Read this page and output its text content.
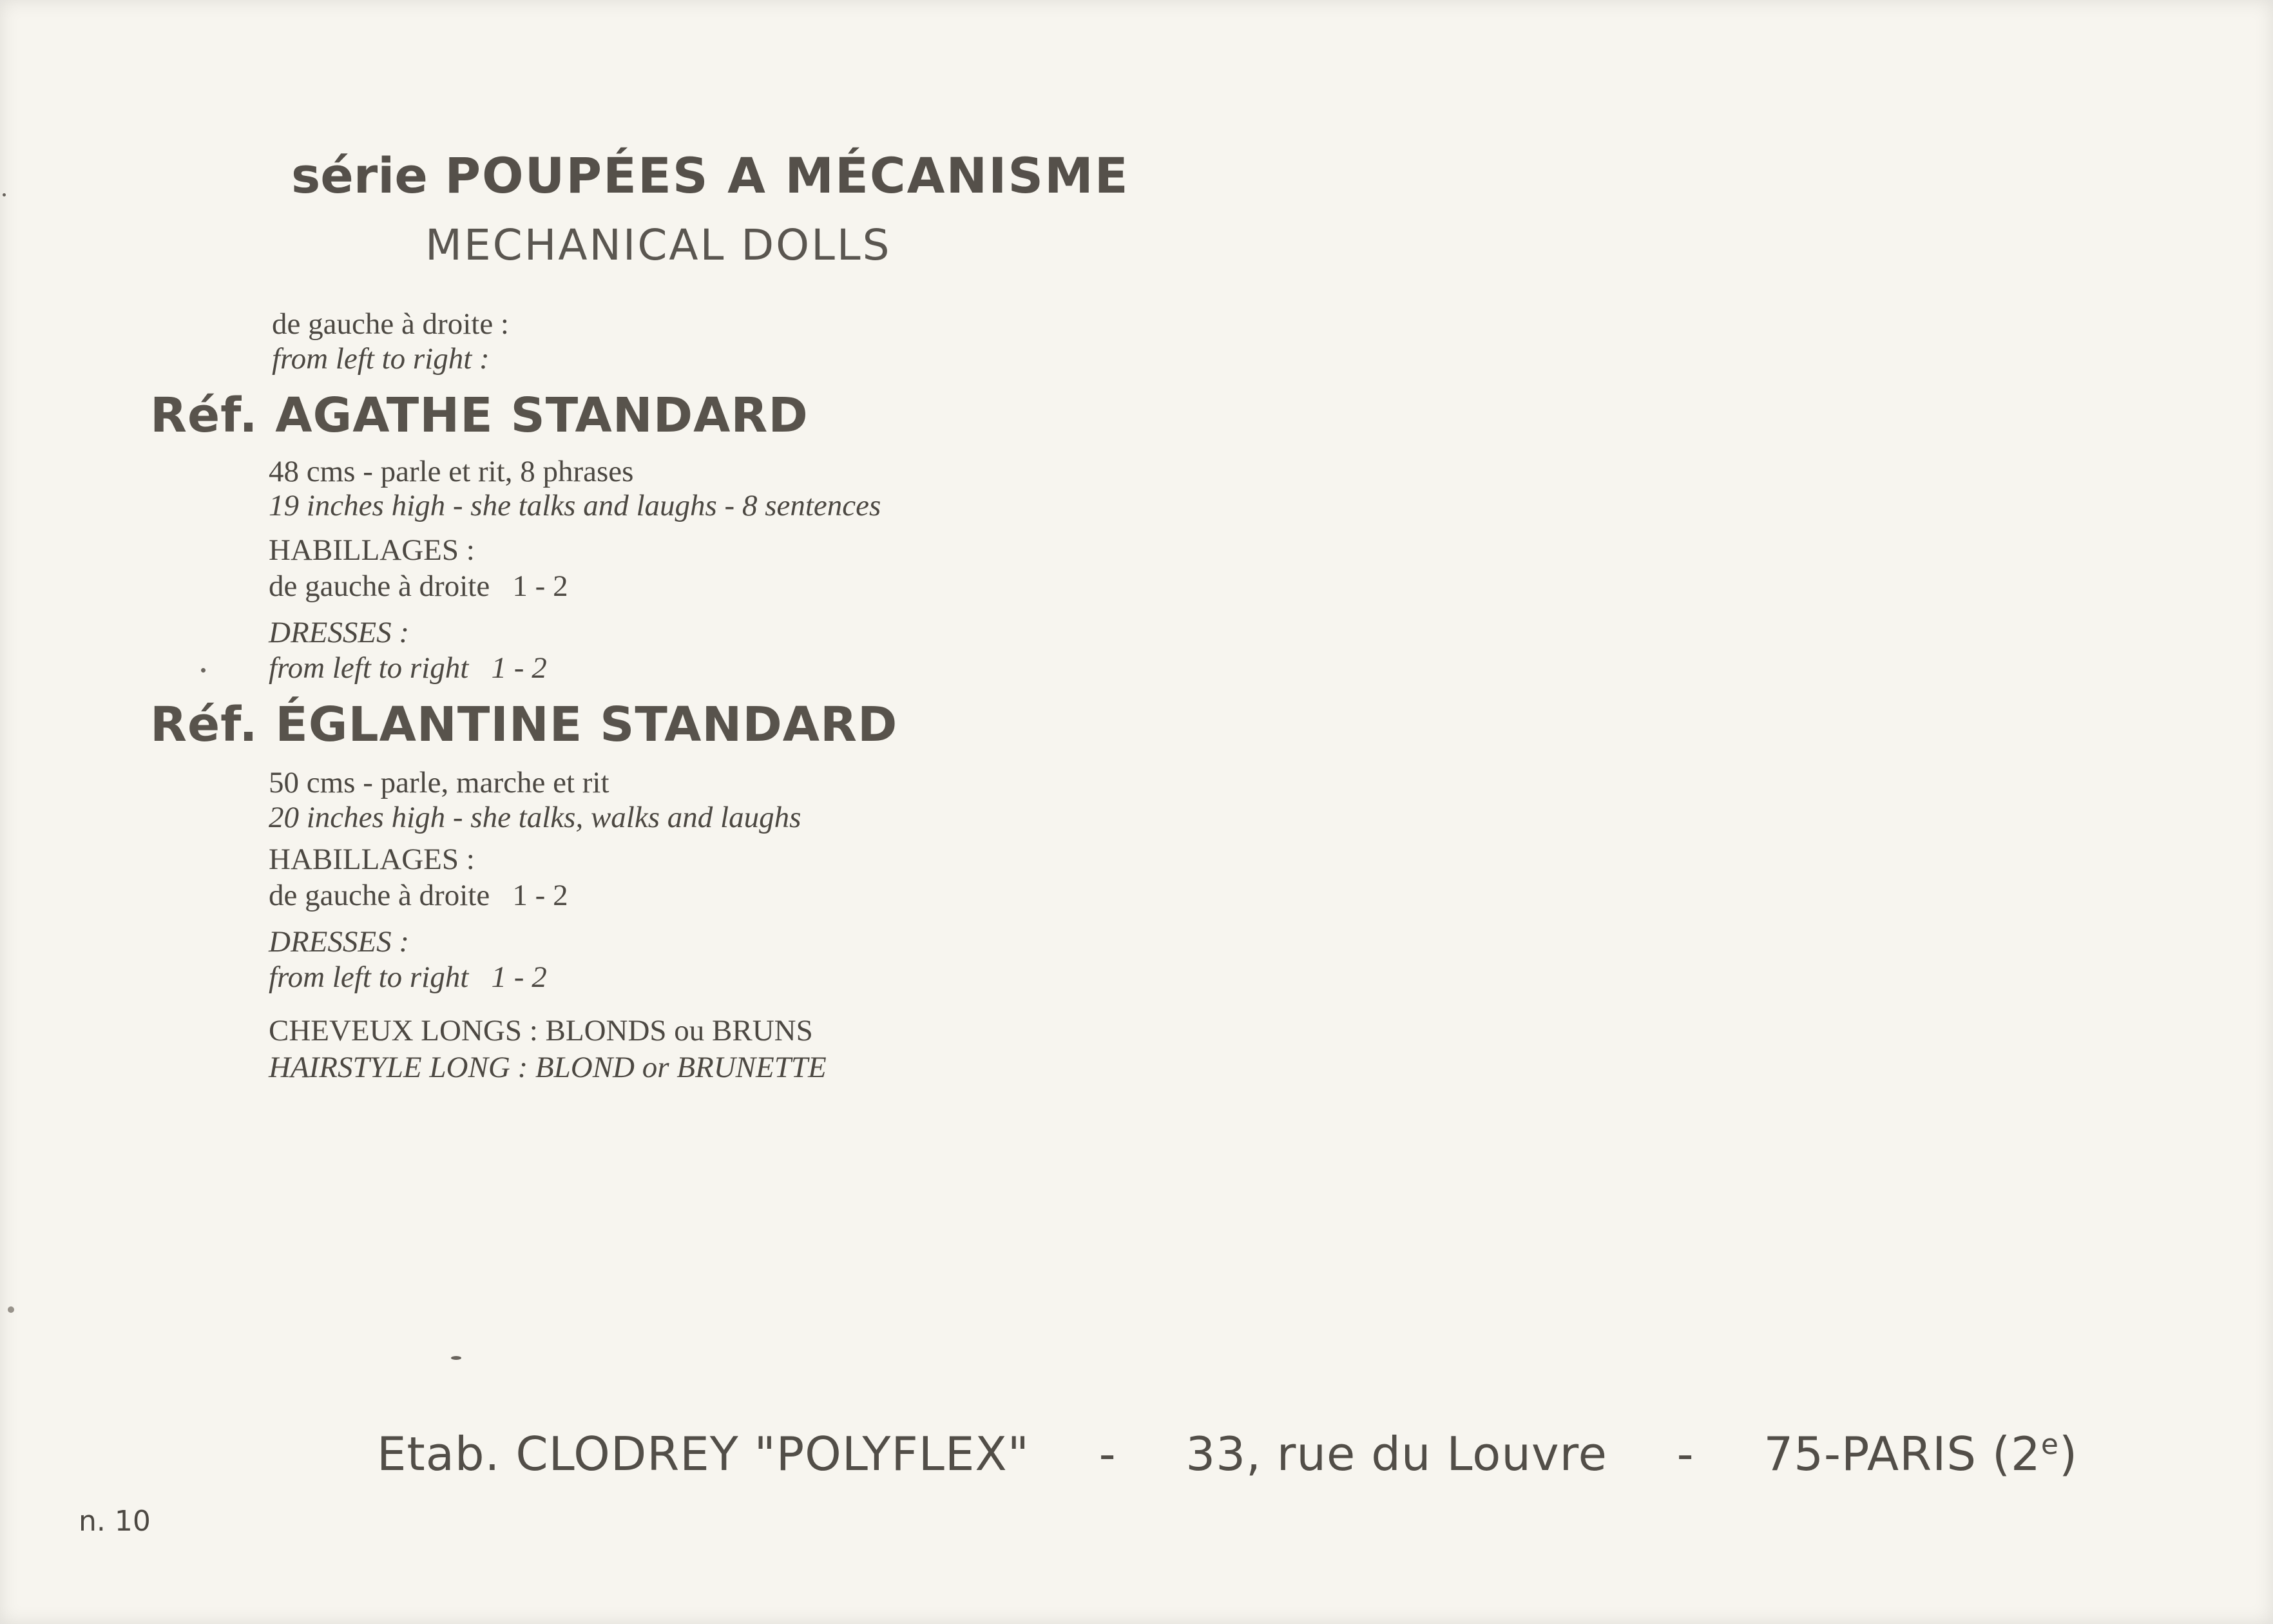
série POUPÉES A MÉCANISME
MECHANICAL DOLLS
de gauche à droite :
from left to right :
Réf. AGATHE STANDARD
48 cms - parle et rit, 8 phrases
19 inches high - she talks and laughs - 8 sentences
HABILLAGES :
de gauche à droite   1 - 2
DRESSES :
from left to right   1 - 2
Réf. ÉGLANTINE STANDARD
50 cms - parle, marche et rit
20 inches high - she talks, walks and laughs
HABILLAGES :
de gauche à droite   1 - 2
DRESSES :
from left to right   1 - 2
CHEVEUX LONGS : BLONDS ou BRUNS
HAIRSTYLE LONG : BLOND or BRUNETTE
Etab. CLODREY "POLYFLEX" - 33, rue du Louvre - 75-PARIS (2e)
n. 10
